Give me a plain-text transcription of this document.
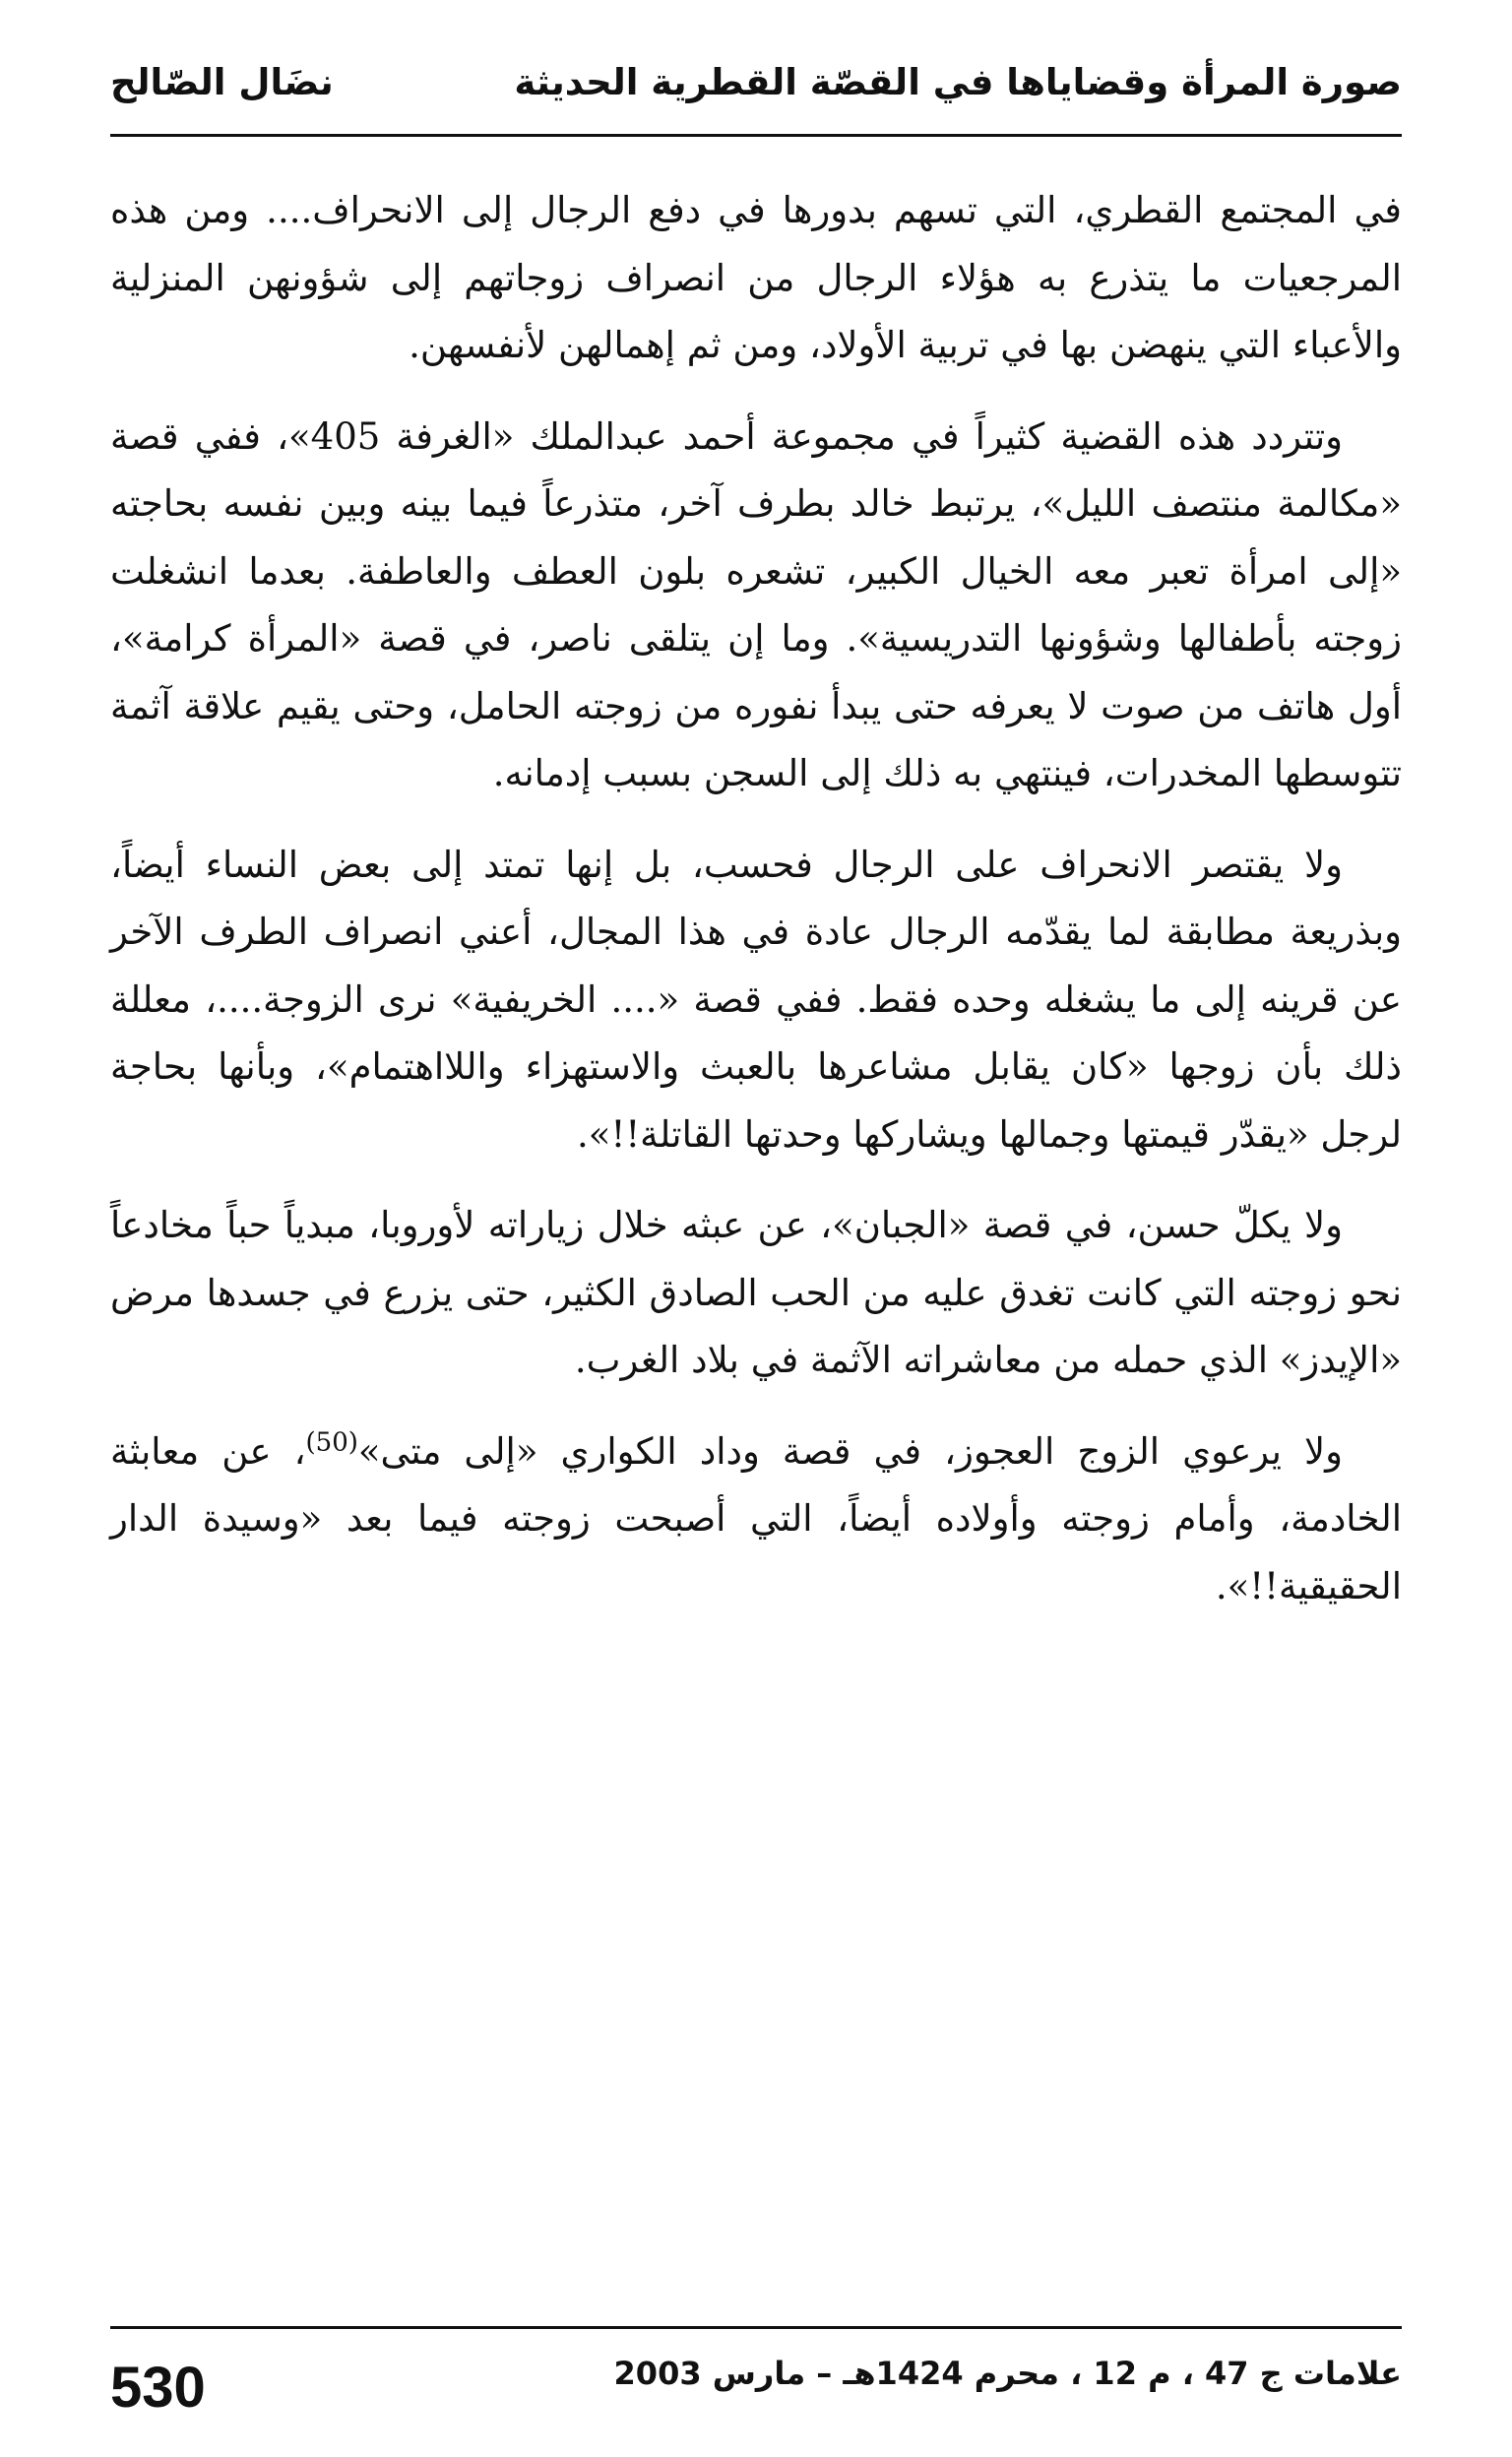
صورة المرأة وقضاياها في القصّة القطرية الحديثة
نضَال الصّالح

في المجتمع القطري، التي تسهم بدورها في دفع الرجال إلى الانحراف.... ومن هذه المرجعيات ما يتذرع به هؤلاء الرجال من انصراف زوجاتهم إلى شؤونهن المنزلية والأعباء التي ينهضن بها في تربية الأولاد، ومن ثم إهمالهن لأنفسهن.

وتتردد هذه القضية كثيراً في مجموعة أحمد عبدالملك «الغرفة 405»، ففي قصة «مكالمة منتصف الليل»، يرتبط خالد بطرف آخر، متذرعاً فيما بينه وبين نفسه بحاجته «إلى امرأة تعبر معه الخيال الكبير، تشعره بلون العطف والعاطفة. بعدما انشغلت زوجته بأطفالها وشؤونها التدريسية». وما إن يتلقى ناصر، في قصة «المرأة كرامة»، أول هاتف من صوت لا يعرفه حتى يبدأ نفوره من زوجته الحامل، وحتى يقيم علاقة آثمة تتوسطها المخدرات، فينتهي به ذلك إلى السجن بسبب إدمانه.

ولا يقتصر الانحراف على الرجال فحسب، بل إنها تمتد إلى بعض النساء أيضاً، وبذريعة مطابقة لما يقدّمه الرجال عادة في هذا المجال، أعني انصراف الطرف الآخر عن قرينه إلى ما يشغله وحده فقط. ففي قصة «.... الخريفية» نرى الزوجة....، معللة ذلك بأن زوجها «كان يقابل مشاعرها بالعبث والاستهزاء واللااهتمام»، وبأنها بحاجة لرجل «يقدّر قيمتها وجمالها ويشاركها وحدتها القاتلة!!».

ولا يكلّ حسن، في قصة «الجبان»، عن عبثه خلال زياراته لأوروبا، مبدياً حباً مخادعاً نحو زوجته التي كانت تغدق عليه من الحب الصادق الكثير، حتى يزرع في جسدها مرض «الإيدز» الذي حمله من معاشراته الآثمة في بلاد الغرب.

ولا يرعوي الزوج العجوز، في قصة وداد الكواري «إلى متى»$^{(50)}$، عن معابثة الخادمة، وأمام زوجته وأولاده أيضاً، التي أصبحت زوجته فيما بعد «وسيدة الدار الحقيقية!!».

علامات ج 47 ، م 12 ، محرم 1424هـ – مارس 2003
530
